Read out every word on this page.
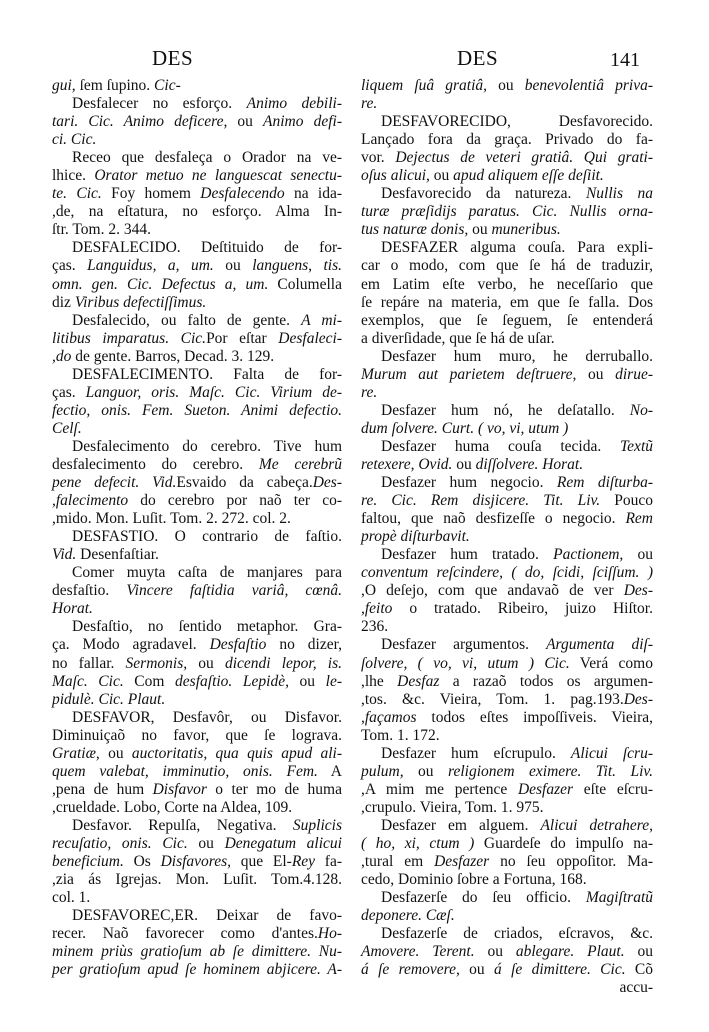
DES	DES	141
gui, ſem ſupino. Cic-
Desfalecer no esforço. Animo debili-
tari. Cic. Animo deficere, ou Animo defi-
ci. Cic.
Receo que desfaleça o Orador na ve-
lhice. Orator metuo ne languescat senectu-
te. Cic. Foy homem Desfalecendo na ida-
,de, na eſtatura, no esforço. Alma In-
ſtr. Tom. 2. 344.
DESFALECIDO. Deſtituido de for-
ças. Languidus, a, um. ou languens, tis.
omn. gen. Cic. Defectus a, um. Columella
diz Viribus defectiſſimus.
Desfalecido, ou falto de gente. A mi-
litibus imparatus. Cic.Por eſtar Desfaleci-
,do de gente. Barros, Decad. 3. 129.
DESFALECIMENTO. Falta de for-
ças. Languor, oris. Maſc. Cic. Virium de-
fectio, onis. Fem. Sueton. Animi defectio.
Celſ.
Desfalecimento do cerebro. Tive hum
desfalecimento do cerebro. Me cerebrũ
pene defecit. Vid.Esvaido da cabeça.Des-
,falecimento do cerebro por naõ ter co-
,mido. Mon. Luſit. Tom. 2. 272. col. 2.
DESFASTIO. O contrario de faſtio.
Vid. Desenfaſtiar.
Comer muyta caſta de manjares para
desfaſtio. Vincere faſtidia variâ, cœnâ.
Horat.
Desfaſtio, no ſentido metaphor. Gra-
ça. Modo agradavel. Desfaſtio no dizer,
no fallar. Sermonis, ou dicendi lepor, is.
Maſc. Cic. Com desfaſtio. Lepidè, ou le-
pidulè. Cic. Plaut.
DESFAVOR, Desfavôr, ou Disfavor.
Diminuiçaõ no favor, que ſe lograva.
Gratiæ, ou auctoritatis, qua quis apud ali-
quem valebat, imminutio, onis. Fem. A
,pena de hum Disfavor o ter mo de huma
,crueldade. Lobo, Corte na Aldea, 109.
Desfavor. Repulſa, Negativa. Suplicis
recuſatio, onis. Cic. ou Denegatum alicui
beneficium. Os Disfavores, que El-Rey fa-
,zia ás Igrejas. Mon. Luſit. Tom.4.128.
col. 1.
DESFAVOREC,ER. Deixar de favo-
recer. Naõ favorecer como d'antes.Ho-
minem priùs gratioſum ab ſe dimittere. Nu-
per gratioſum apud ſe hominem abjicere. A-
liquem ſuâ gratiâ, ou benevolentiâ priva-
re.
DESFAVORECIDO, Desfavorecido.
Lançado fora da graça. Privado do fa-
vor. Dejectus de veteri gratiâ. Qui grati-
oſus alicui, ou apud aliquem eſſe deſiit.
Desfavorecido da natureza. Nullis na
turæ præſidijs paratus. Cic. Nullis orna-
tus naturæ donis, ou muneribus.
DESFAZER alguma couſa. Para expli-
car o modo, com que ſe há de traduzir,
em Latim eſte verbo, he neceſſario que
ſe repáre na materia, em que ſe falla. Dos
exemplos, que ſe ſeguem, ſe entenderá
a diverſidade, que ſe há de uſar.
Desfazer hum muro, he derruballo.
Murum aut parietem deſtruere, ou dirue-
re.
Desfazer hum nó, he deſatallo. No-
dum ſolvere. Curt. ( vo, vi, utum )
Desfazer huma couſa tecida. Textũ
retexere, Ovid. ou diſſolvere. Horat.
Desfazer hum negocio. Rem diſturba-
re. Cic. Rem disjicere. Tit. Liv. Pouco
faltou, que naõ desfizeſſe o negocio. Rem
propè diſturbavit.
Desfazer hum tratado. Pactionem, ou
conventum reſcindere, ( do, ſcidi, ſciſſum. )
,O deſejo, com que andavaõ de ver Des-
,feito o tratado. Ribeiro, juizo Hiſtor.
236.
Desfazer argumentos. Argumenta diſ-
ſolvere, ( vo, vi, utum ) Cic. Verá como
,lhe Desfaz a razaõ todos os argumen-
,tos. &c. Vieira, Tom. 1. pag.193.Des-
,façamos todos eſtes impoſſiveis. Vieira,
Tom. 1. 172.
Desfazer hum eſcrupulo. Alicui ſcru-
pulum, ou religionem eximere. Tit. Liv.
,A mim me pertence Desfazer eſte eſcru-
,crupulo. Vieira, Tom. 1. 975.
Desfazer em alguem. Alicui detrahere,
( ho, xi, ctum ) Guardeſe do impulſo na-
,tural em Desfazer no ſeu oppoſitor. Ma-
cedo, Dominio ſobre a Fortuna, 168.
Desfazerſe do ſeu officio. Magiſtratũ
deponere. Cæſ.
Desfazerſe de criados, eſcravos, &c.
Amovere. Terent. ou ablegare. Plaut. ou
á ſe removere, ou á ſe dimittere. Cic. Cõ
accu-
